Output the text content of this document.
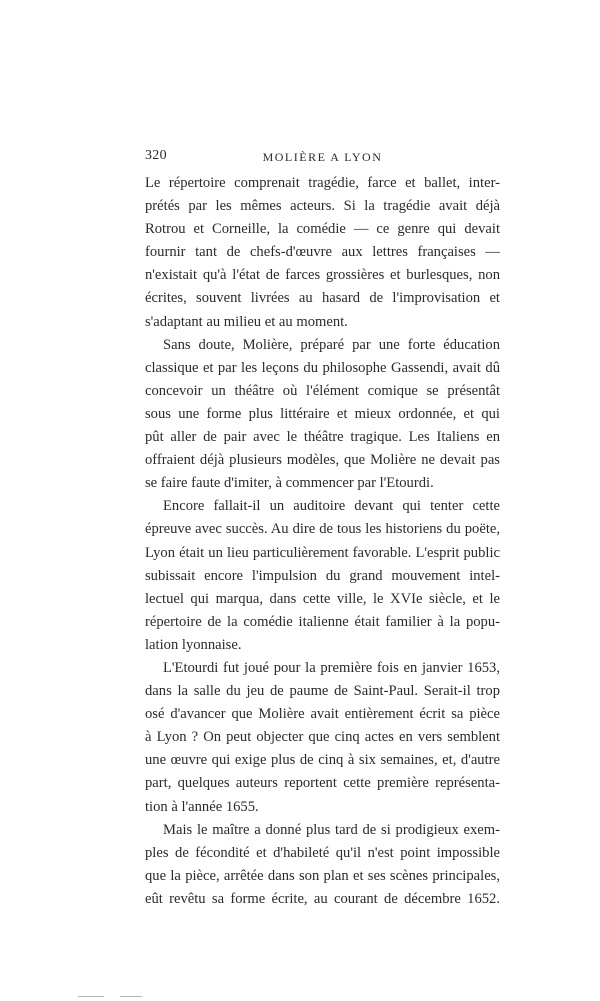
320	MOLIÈRE A LYON

Le répertoire comprenait tragédie, farce et ballet, inter-
prétés par les mêmes acteurs. Si la tragédie avait déjà
Rotrou et Corneille, la comédie — ce genre qui devait
fournir tant de chefs-d'œuvre aux lettres françaises —
n'existait qu'à l'état de farces grossières et burlesques, non
écrites, souvent livrées au hasard de l'improvisation et
s'adaptant au milieu et au moment.

Sans doute, Molière, préparé par une forte éducation
classique et par les leçons du philosophe Gassendi, avait dû
concevoir un théâtre où l'élément comique se présentât
sous une forme plus littéraire et mieux ordonnée, et qui
pût aller de pair avec le théâtre tragique. Les Italiens en
offraient déjà plusieurs modèles, que Molière ne devait pas
se faire faute d'imiter, à commencer par l'Etourdi.

Encore fallait-il un auditoire devant qui tenter cette
épreuve avec succès. Au dire de tous les historiens du poëte,
Lyon était un lieu particulièrement favorable. L'esprit public
subissait encore l'impulsion du grand mouvement intel-
lectuel qui marqua, dans cette ville, le XVIe siècle, et le
répertoire de la comédie italienne était familier à la popu-
lation lyonnaise.

L'Etourdi fut joué pour la première fois en janvier 1653,
dans la salle du jeu de paume de Saint-Paul. Serait-il trop
osé d'avancer que Molière avait entièrement écrit sa pièce
à Lyon ? On peut objecter que cinq actes en vers semblent
une œuvre qui exige plus de cinq à six semaines, et, d'autre
part, quelques auteurs reportent cette première représenta-
tion à l'année 1655.

Mais le maître a donné plus tard de si prodigieux exem-
ples de fécondité et d'habileté qu'il n'est point impossible
que la pièce, arrêtée dans son plan et ses scènes principales,
eût revêtu sa forme écrite, au courant de décembre 1652.
